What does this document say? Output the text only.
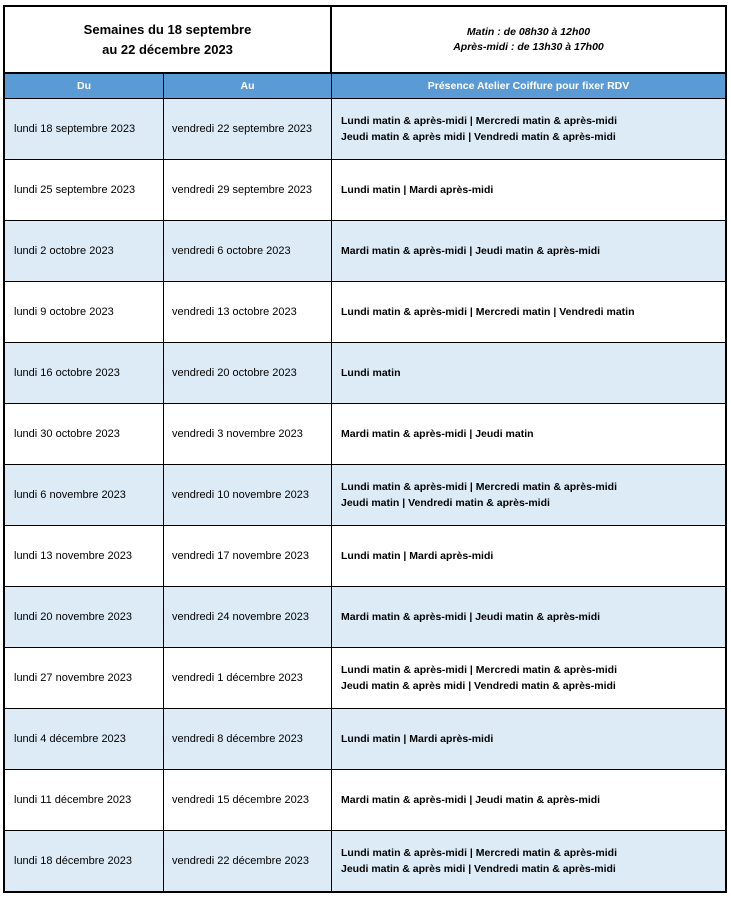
Semaines du 18 septembre
au 22 décembre 2023
Matin : de 08h30 à 12h00
Après-midi : de 13h30 à 17h00
Du	Au	Présence Atelier Coiffure pour fixer RDV
lundi 18 septembre 2023	vendredi 22 septembre 2023
Lundi matin & après-midi | Mercredi matin & après-midi
Jeudi matin & après midi | Vendredi matin & après-midi
lundi 25 septembre 2023	vendredi 29 septembre 2023	Lundi matin | Mardi après-midi
lundi 2 octobre 2023	vendredi 6 octobre 2023	Mardi matin & après-midi | Jeudi matin & après-midi
lundi 9 octobre 2023	vendredi 13 octobre 2023	Lundi matin & après-midi | Mercredi matin | Vendredi matin
lundi 16 octobre 2023	vendredi 20 octobre 2023	Lundi matin
lundi 30 octobre 2023	vendredi 3 novembre 2023	Mardi matin & après-midi | Jeudi matin
lundi 6 novembre 2023	vendredi 10 novembre 2023
Lundi matin & après-midi | Mercredi matin & après-midi
Jeudi matin | Vendredi matin & après-midi
lundi 13 novembre 2023	vendredi 17 novembre 2023	Lundi matin | Mardi après-midi
lundi 20 novembre 2023	vendredi 24 novembre 2023	Mardi matin & après-midi | Jeudi matin & après-midi
lundi 27 novembre 2023	vendredi 1 décembre 2023
Lundi matin & après-midi | Mercredi matin & après-midi
Jeudi matin & après midi | Vendredi matin & après-midi
lundi 4 décembre 2023	vendredi 8 décembre 2023	Lundi matin | Mardi après-midi
lundi 11 décembre 2023	vendredi 15 décembre 2023	Mardi matin & après-midi | Jeudi matin & après-midi
lundi 18 décembre 2023	vendredi 22 décembre 2023
Lundi matin & après-midi | Mercredi matin & après-midi
Jeudi matin & après midi | Vendredi matin & après-midi
